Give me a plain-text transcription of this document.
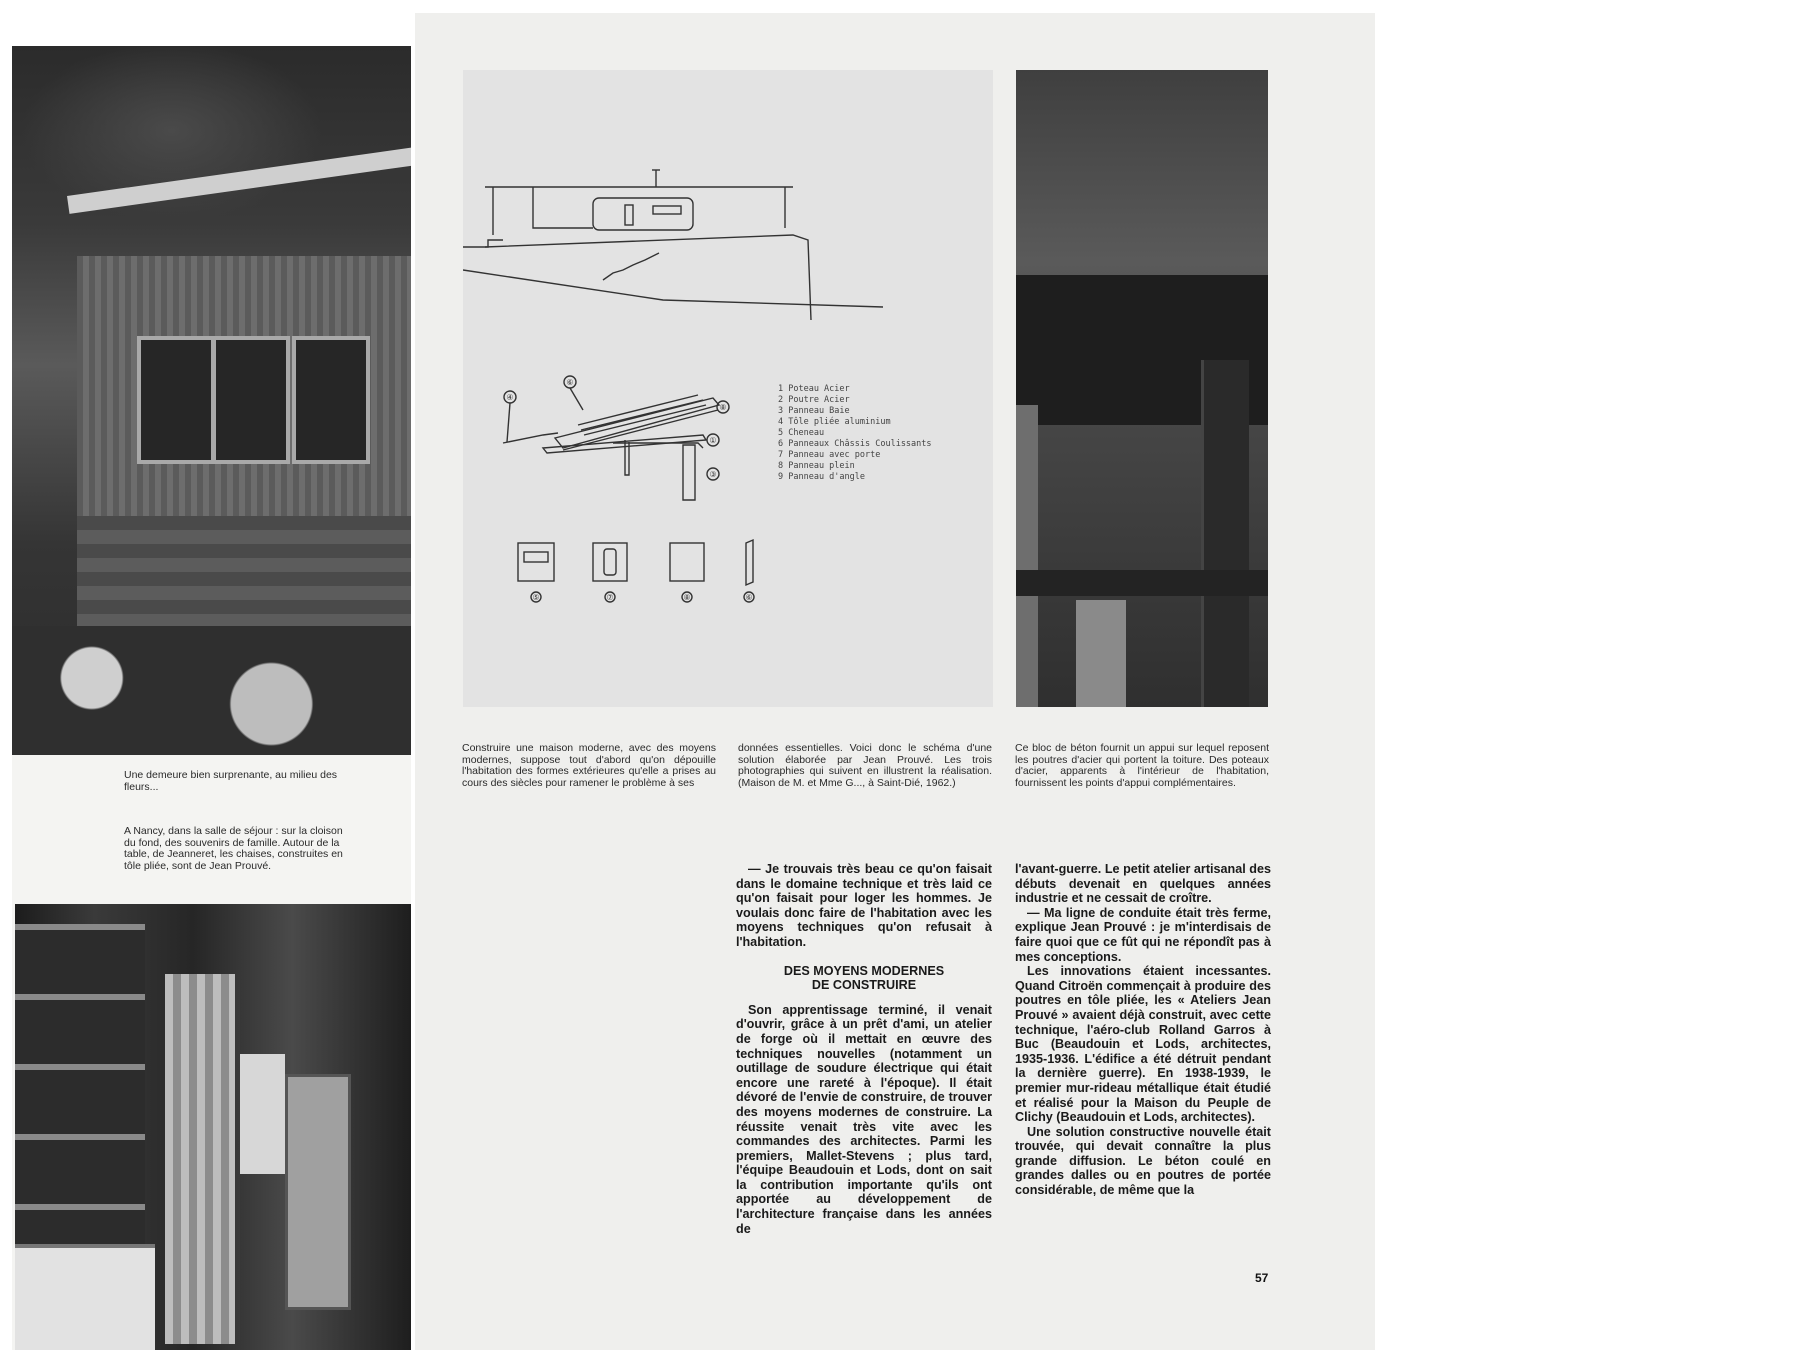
Une demeure bien surprenante, au milieu des fleurs...
A Nancy, dans la salle de séjour : sur la cloison du fond, des souvenirs de famille. Autour de la table, de Jeanneret, les chaises, construites en tôle pliée, sont de Jean Prouvé.
1 Poteau Acier
2 Poutre Acier
3 Panneau Baie
4 Tôle pliée aluminium
5 Cheneau
6 Panneaux Châssis Coulissants
7 Panneau avec porte
8 Panneau plein
9 Panneau d'angle
④
⑥
⑧
①
③
⑤	⑦	⑧	⑥
Construire une maison moderne, avec des moyens modernes, suppose tout d'abord qu'on dépouille l'habitation des formes extérieures qu'elle a prises au cours des siècles pour ramener le problème à ses
données essentielles. Voici donc le schéma d'une solution élaborée par Jean Prouvé. Les trois photographies qui suivent en illustrent la réalisation. (Maison de M. et Mme G..., à Saint-Dié, 1962.)
Ce bloc de béton fournit un appui sur lequel reposent les poutres d'acier qui portent la toiture. Des poteaux d'acier, apparents à l'intérieur de l'habitation, fournissent les points d'appui complémentaires.

— Je trouvais très beau ce qu'on faisait dans le domaine technique et très laid ce qu'on faisait pour loger les hommes. Je voulais donc faire de l'habitation avec les moyens techniques qu'on refusait à l'habitation.

DES MOYENS MODERNES
DE CONSTRUIRE

Son apprentissage terminé, il venait d'ouvrir, grâce à un prêt d'ami, un atelier de forge où il mettait en œuvre des techniques nouvelles (notamment un outillage de soudure électrique qui était encore une rareté à l'époque). Il était dévoré de l'envie de construire, de trouver des moyens modernes de construire. La réussite venait très vite avec les commandes des architectes. Parmi les premiers, Mallet-Stevens ; plus tard, l'équipe Beaudouin et Lods, dont on sait la contribution importante qu'ils ont apportée au développement de l'architecture française dans les années de

l'avant-guerre. Le petit atelier artisanal des débuts devenait en quelques années industrie et ne cessait de croître.

— Ma ligne de conduite était très ferme, explique Jean Prouvé : je m'interdisais de faire quoi que ce fût qui ne répondît pas à mes conceptions.

Les innovations étaient incessantes. Quand Citroën commençait à produire des poutres en tôle pliée, les « Ateliers Jean Prouvé » avaient déjà construit, avec cette technique, l'aéro-club Rolland Garros à Buc (Beaudouin et Lods, architectes, 1935-1936. L'édifice a été détruit pendant la dernière guerre). En 1938-1939, le premier mur-rideau métallique était étudié et réalisé pour la Maison du Peuple de Clichy (Beaudouin et Lods, architectes).

Une solution constructive nouvelle était trouvée, qui devait connaître la plus grande diffusion. Le béton coulé en grandes dalles ou en poutres de portée considérable, de même que la

57
